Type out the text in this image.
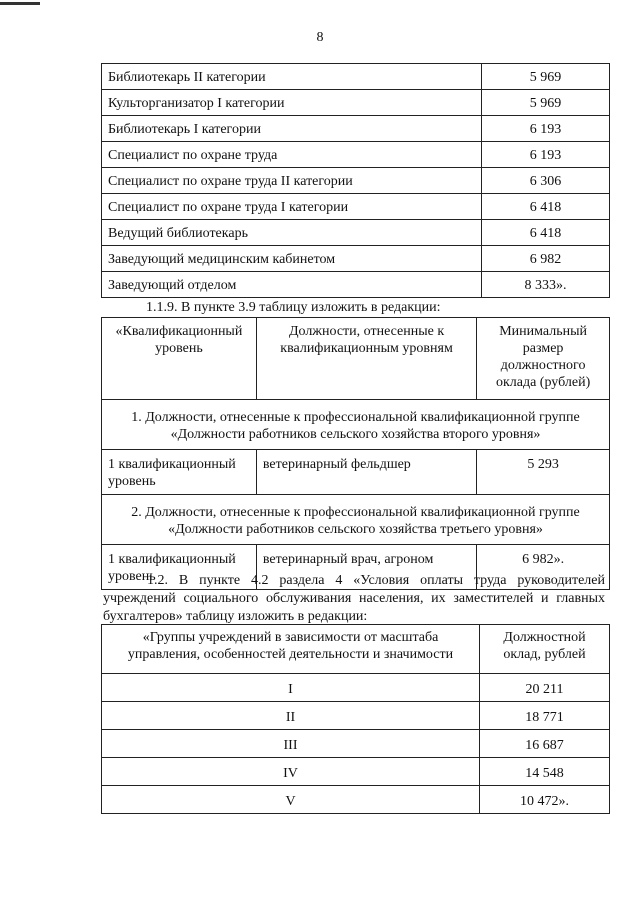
8
Библиотекарь II категории	5 969
Культорганизатор I категории	5 969
Библиотекарь I категории	6 193
Специалист по охране труда	6 193
Специалист по охране труда II категории	6 306
Специалист по охране труда I категории	6 418
Ведущий библиотекарь	6 418
Заведующий медицинским кабинетом	6 982
Заведующий отделом	8 333».
1.1.9. В пункте 3.9 таблицу изложить в редакции:
«Квалификационный уровень	Должности, отнесенные к квалификационным уровням	Минимальный размер должностного оклада (рублей)
1. Должности, отнесенные к профессиональной квалификационной группе «Должности работников сельского хозяйства второго уровня»		
1 квалификационный уровень	ветеринарный фельдшер	5 293
2. Должности, отнесенные к профессиональной квалификационной группе «Должности работников сельского хозяйства третьего уровня»		
1 квалификационный уровень	ветеринарный врач, агроном	6 982».
1.2. В пункте 4.2 раздела 4 «Условия оплаты труда руководителей учреждений социального обслуживания населения, их заместителей и главных бухгалтеров» таблицу изложить в редакции:
«Группы учреждений в зависимости от масштаба управления, особенностей деятельности и значимости	Должностной оклад, рублей
I	20 211
II	18 771
III	16 687
IV	14 548
V	10 472».
